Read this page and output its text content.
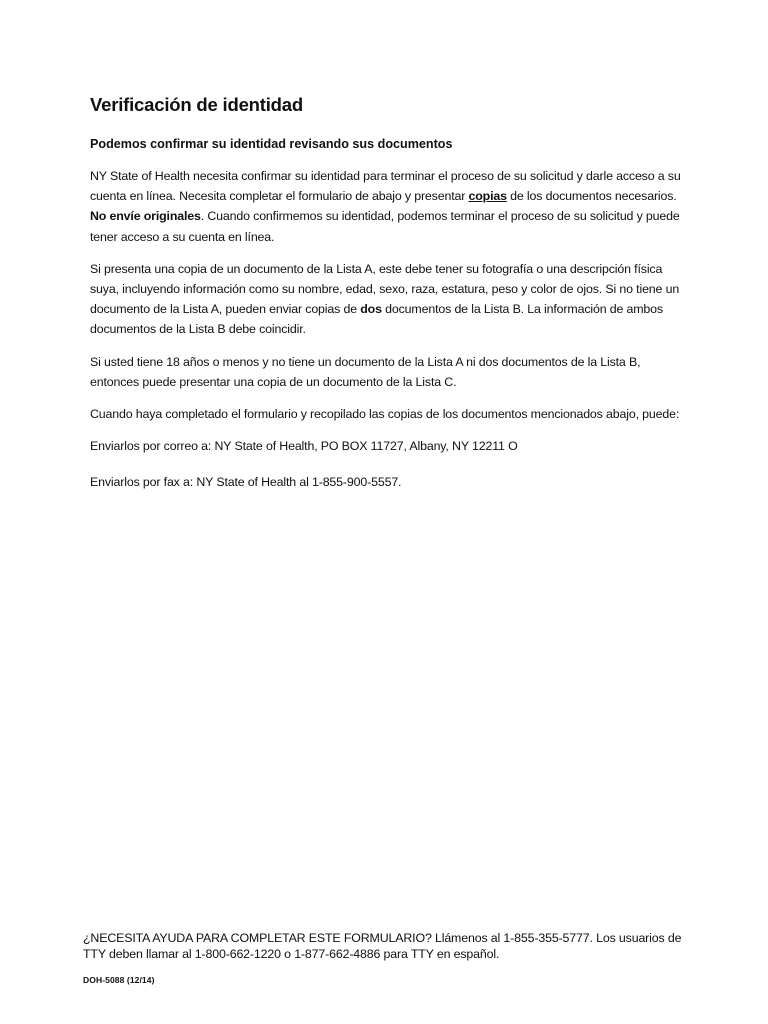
Verificación de identidad
Podemos confirmar su identidad revisando sus documentos

NY State of Health necesita confirmar su identidad para terminar el proceso de su solicitud y darle acceso a su cuenta en línea. Necesita completar el formulario de abajo y presentar copias de los documentos necesarios. No envíe originales. Cuando confirmemos su identidad, podemos terminar el proceso de su solicitud y puede tener acceso a su cuenta en línea.

Si presenta una copia de un documento de la Lista A, este debe tener su fotografía o una descripción física suya, incluyendo información como su nombre, edad, sexo, raza, estatura, peso y color de ojos. Si no tiene un documento de la Lista A, pueden enviar copias de dos documentos de la Lista B. La información de ambos documentos de la Lista B debe coincidir.

Si usted tiene 18 años o menos y no tiene un documento de la Lista A ni dos documentos de la Lista B, entonces puede presentar una copia de un documento de la Lista C.

Cuando haya completado el formulario y recopilado las copias de los documentos mencionados abajo, puede:

Enviarlos por correo a: NY State of Health, PO BOX 11727, Albany, NY 12211 O

Enviarlos por fax a: NY State of Health al 1-855-900-5557.

¿NECESITA AYUDA PARA COMPLETAR ESTE FORMULARIO? Llámenos al 1-855-355-5777. Los usuarios de TTY deben llamar al 1-800-662-1220 o 1-877-662-4886 para TTY en español.
DOH-5088 (12/14)
